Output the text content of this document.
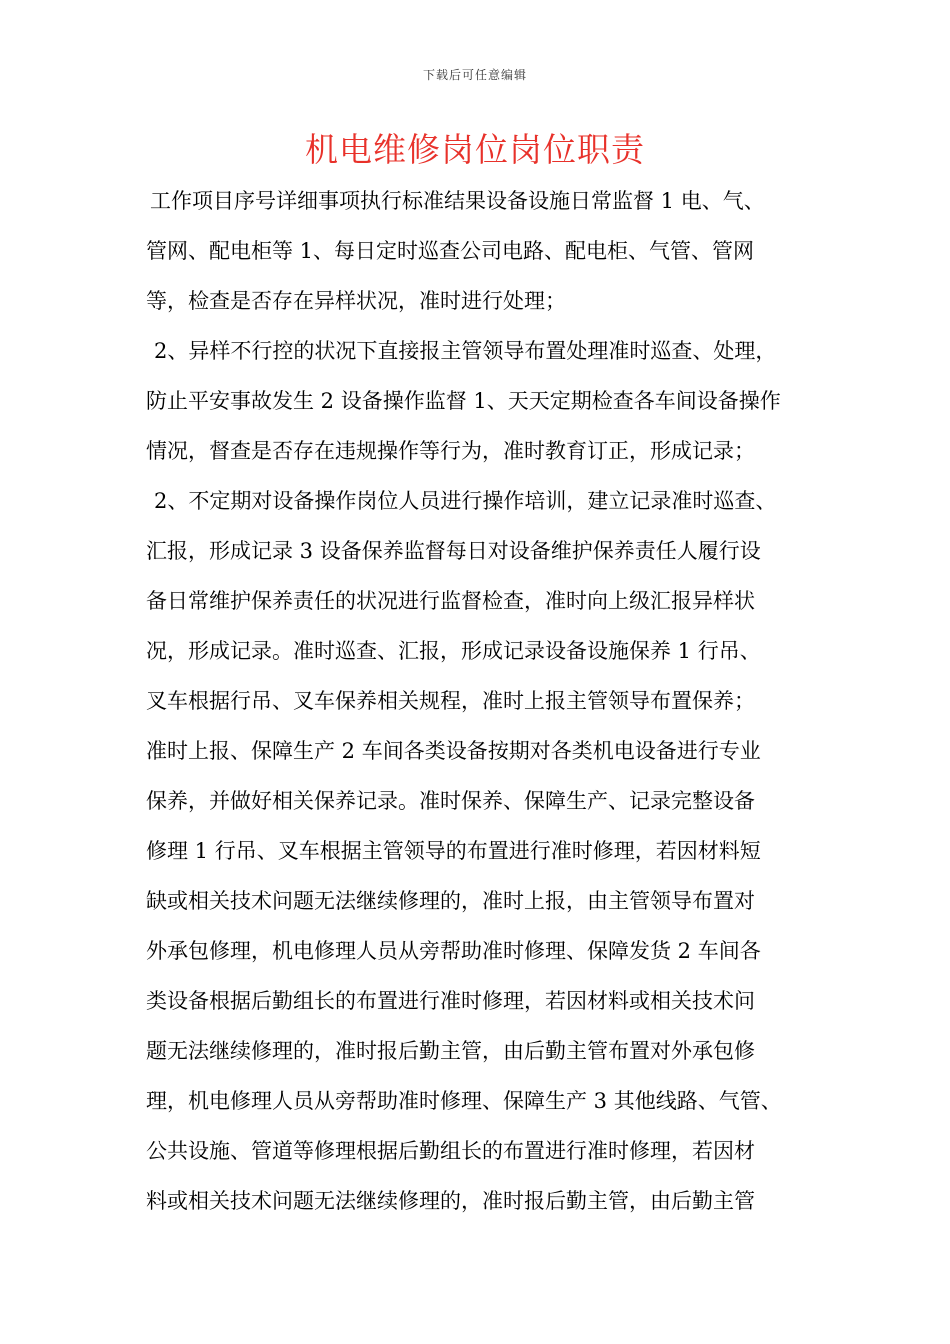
下载后可任意编辑
机电维修岗位岗位职责
工作项目序号详细事项执行标准结果设备设施日常监督 1 电、气、
管网、配电柜等 1、每日定时巡查公司电路、配电柜、气管、管网
等，检查是否存在异样状况，准时进行处理；
2、异样不行控的状况下直接报主管领导布置处理准时巡查、处理，
防止平安事故发生 2 设备操作监督 1、天天定期检查各车间设备操作
情况，督查是否存在违规操作等行为，准时教育订正，形成记录；
2、不定期对设备操作岗位人员进行操作培训，建立记录准时巡查、
汇报，形成记录 3 设备保养监督每日对设备维护保养责任人履行设
备日常维护保养责任的状况进行监督检查，准时向上级汇报异样状
况，形成记录。准时巡查、汇报，形成记录设备设施保养 1 行吊、
叉车根据行吊、叉车保养相关规程，准时上报主管领导布置保养；
准时上报、保障生产 2 车间各类设备按期对各类机电设备进行专业
保养，并做好相关保养记录。准时保养、保障生产、记录完整设备
修理 1 行吊、叉车根据主管领导的布置进行准时修理，若因材料短
缺或相关技术问题无法继续修理的，准时上报，由主管领导布置对
外承包修理，机电修理人员从旁帮助准时修理、保障发货 2 车间各
类设备根据后勤组长的布置进行准时修理，若因材料或相关技术问
题无法继续修理的，准时报后勤主管，由后勤主管布置对外承包修
理，机电修理人员从旁帮助准时修理、保障生产 3 其他线路、气管、
公共设施、管道等修理根据后勤组长的布置进行准时修理，若因材
料或相关技术问题无法继续修理的，准时报后勤主管，由后勤主管
